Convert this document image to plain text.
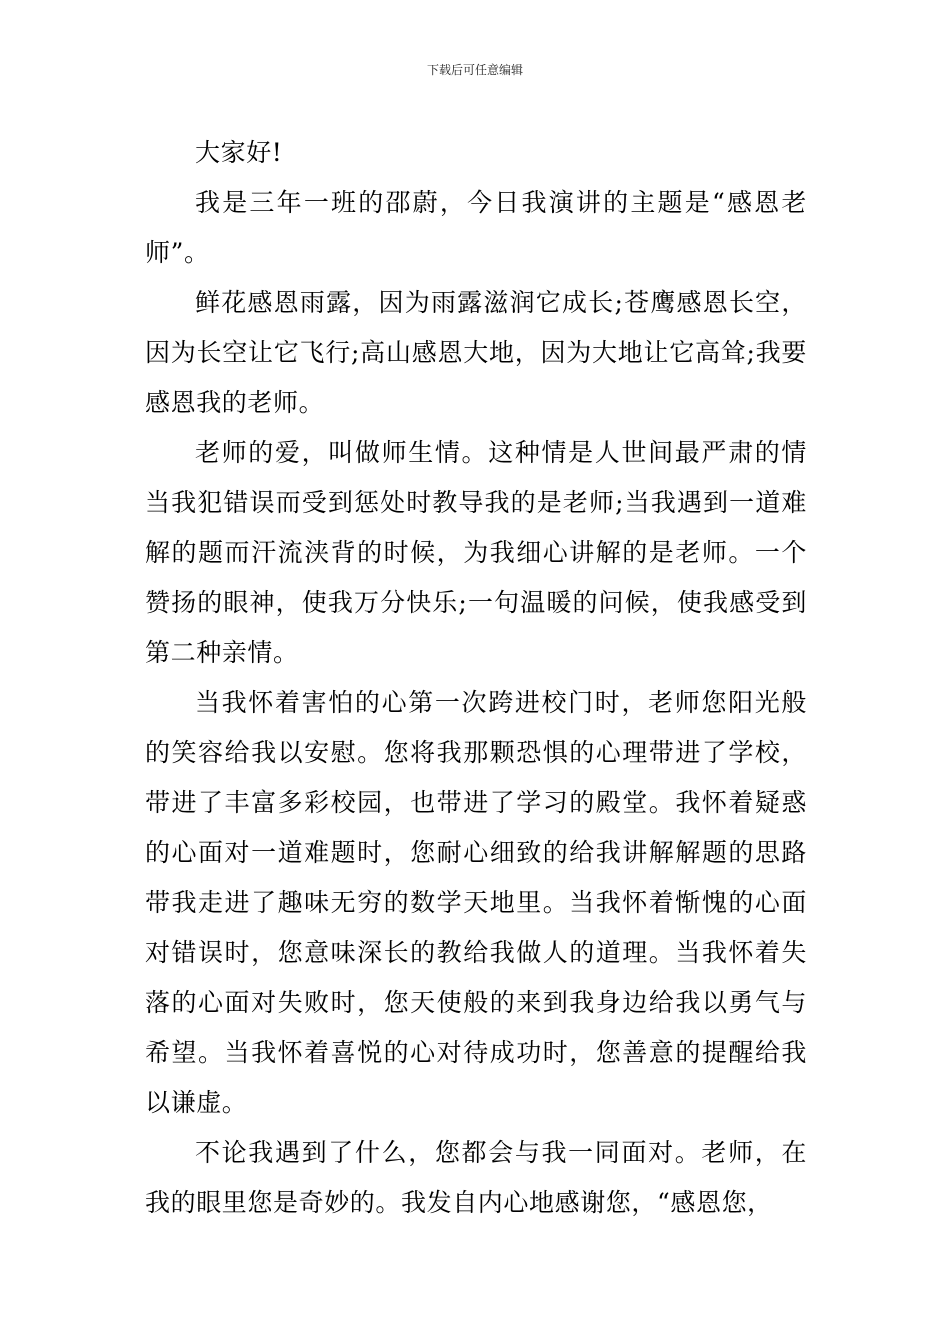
下载后可任意编辑

大家好!

我是三年一班的邵蔚，今日我演讲的主题是“感恩老师”。

鲜花感恩雨露，因为雨露滋润它成长;苍鹰感恩长空，因为长空让它飞行;高山感恩大地，因为大地让它高耸;我要感恩我的老师。

老师的爱，叫做师生情。这种情是人世间最严肃的情当我犯错误而受到惩处时教导我的是老师;当我遇到一道难解的题而汗流浃背的时候，为我细心讲解的是老师。一个赞扬的眼神，使我万分快乐;一句温暖的问候，使我感受到第二种亲情。

当我怀着害怕的心第一次跨进校门时，老师您阳光般的笑容给我以安慰。您将我那颗恐惧的心理带进了学校，带进了丰富多彩校园，也带进了学习的殿堂。我怀着疑惑的心面对一道难题时，您耐心细致的给我讲解解题的思路带我走进了趣味无穷的数学天地里。当我怀着惭愧的心面对错误时，您意味深长的教给我做人的道理。当我怀着失落的心面对失败时，您天使般的来到我身边给我以勇气与希望。当我怀着喜悦的心对待成功时，您善意的提醒给我以谦虚。

不论我遇到了什么，您都会与我一同面对。老师，在我的眼里您是奇妙的。我发自内心地感谢您，“感恩您，
